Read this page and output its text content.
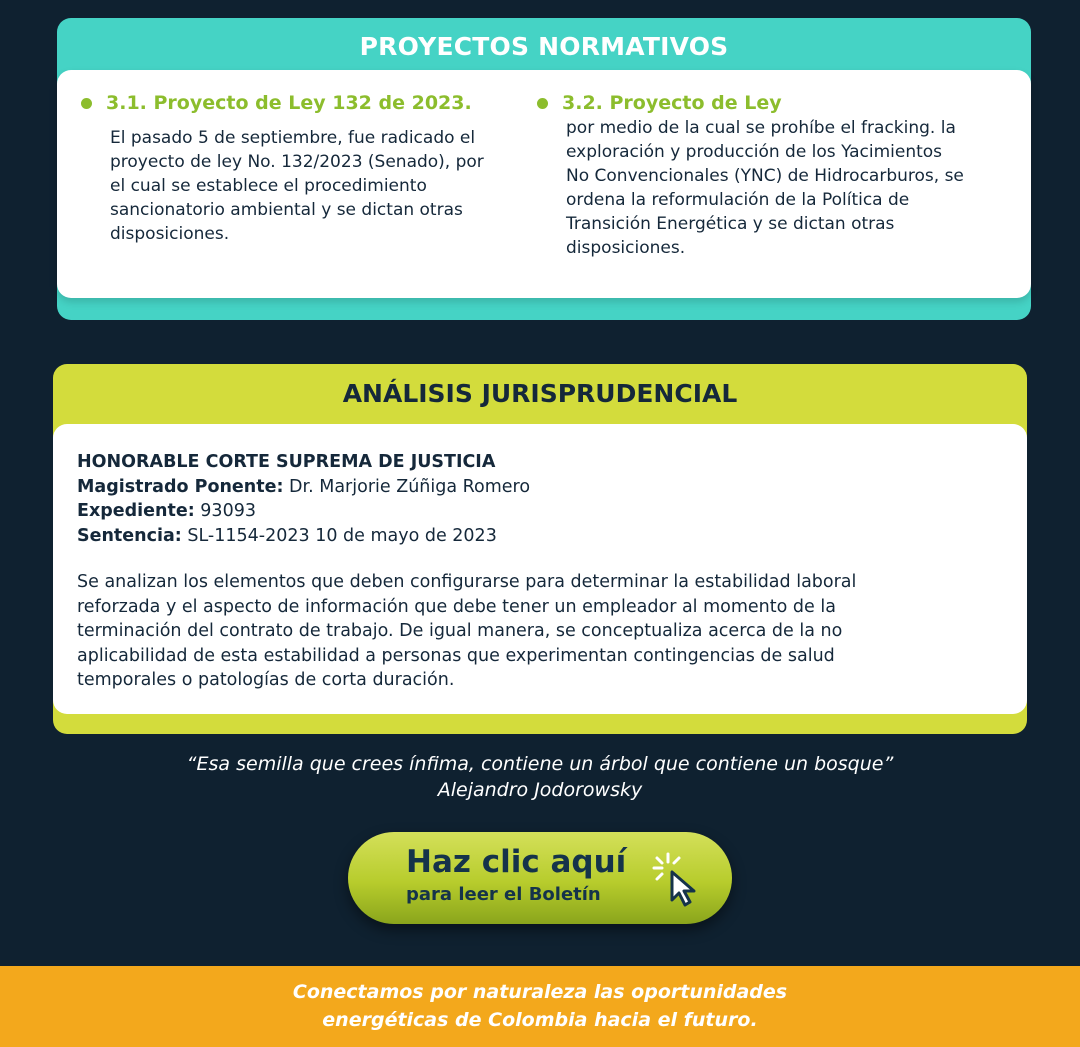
PROYECTOS NORMATIVOS
3.1. Proyecto de Ley 132 de 2023.
El pasado 5 de septiembre, fue radicado el
proyecto de ley No. 132/2023 (Senado), por
el cual se establece el procedimiento
sancionatorio ambiental y se dictan otras
disposiciones.
3.2. Proyecto de Ley
por medio de la cual se prohíbe el fracking. la
exploración y producción de los Yacimientos
No Convencionales (YNC) de Hidrocarburos, se
ordena la reformulación de la Política de
Transición Energética y se dictan otras
disposiciones.
ANÁLISIS JURISPRUDENCIAL
HONORABLE CORTE SUPREMA DE JUSTICIA
Magistrado Ponente: Dr. Marjorie Zúñiga Romero
Expediente: 93093
Sentencia: SL-1154-2023 10 de mayo de 2023
Se analizan los elementos que deben configurarse para determinar la estabilidad laboral
reforzada y el aspecto de información que debe tener un empleador al momento de la
terminación del contrato de trabajo. De igual manera, se conceptualiza acerca de la no
aplicabilidad de esta estabilidad a personas que experimentan contingencias de salud
temporales o patologías de corta duración.
“Esa semilla que crees ínfima, contiene un árbol que contiene un bosque”
Alejandro Jodorowsky
Haz clic aquí
para leer el Boletín
Conectamos por naturaleza las oportunidades
energéticas de Colombia hacia el futuro.
